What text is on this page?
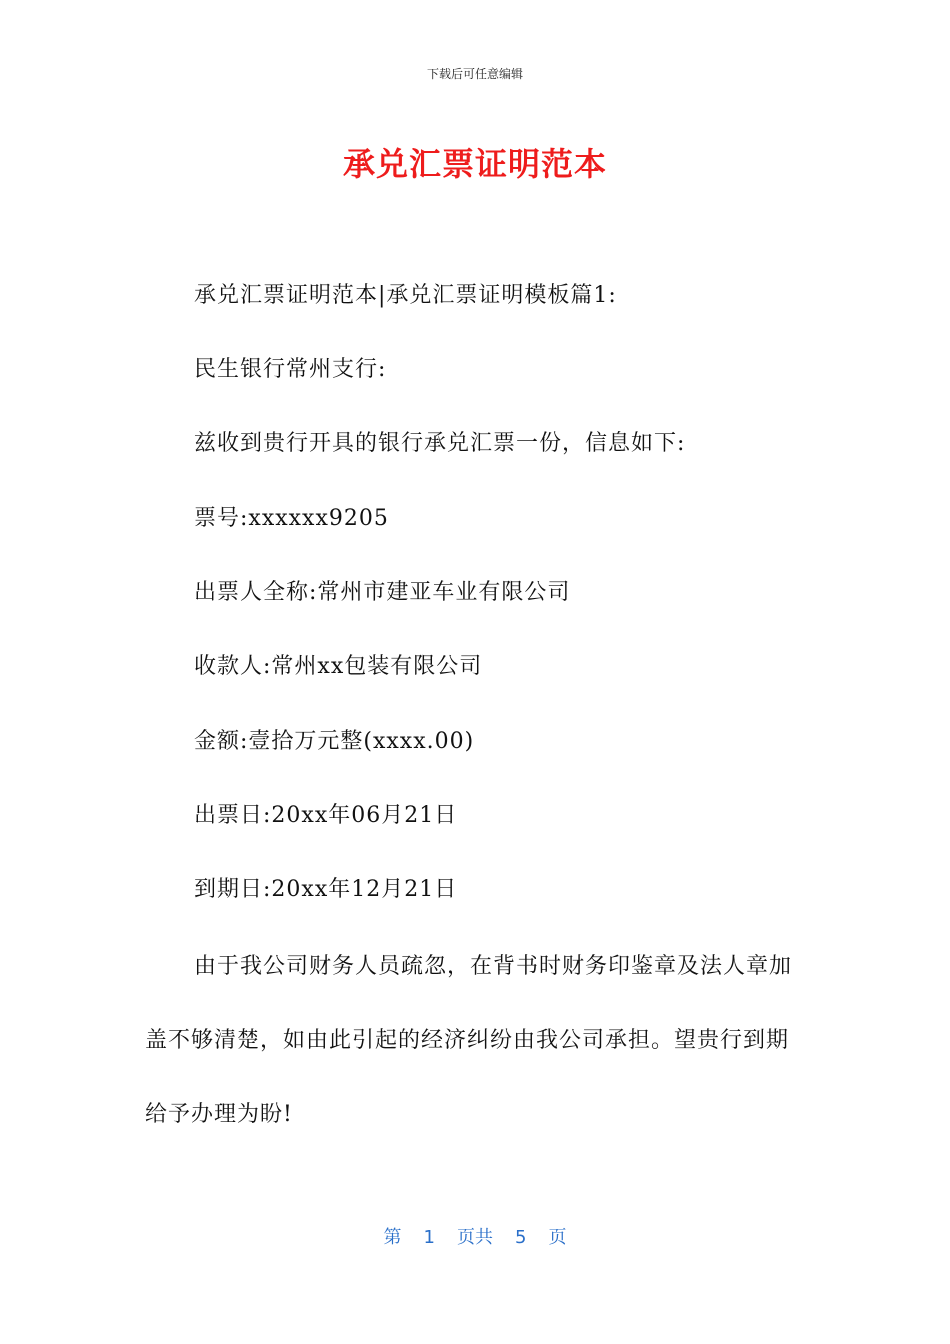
下载后可任意编辑
承兑汇票证明范本

承兑汇票证明范本|承兑汇票证明模板篇1:

民生银行常州支行:

兹收到贵行开具的银行承兑汇票一份，信息如下:

票号:xxxxxx9205

出票人全称:常州市建亚车业有限公司

收款人:常州xx包装有限公司

金额:壹拾万元整(xxxx.00)

出票日:20xx年06月21日

到期日:20xx年12月21日

由于我公司财务人员疏忽，在背书时财务印鉴章及法人章加盖不够清楚，如由此引起的经济纠纷由我公司承担。望贵行到期给予办理为盼!

第 1 页共 5 页
